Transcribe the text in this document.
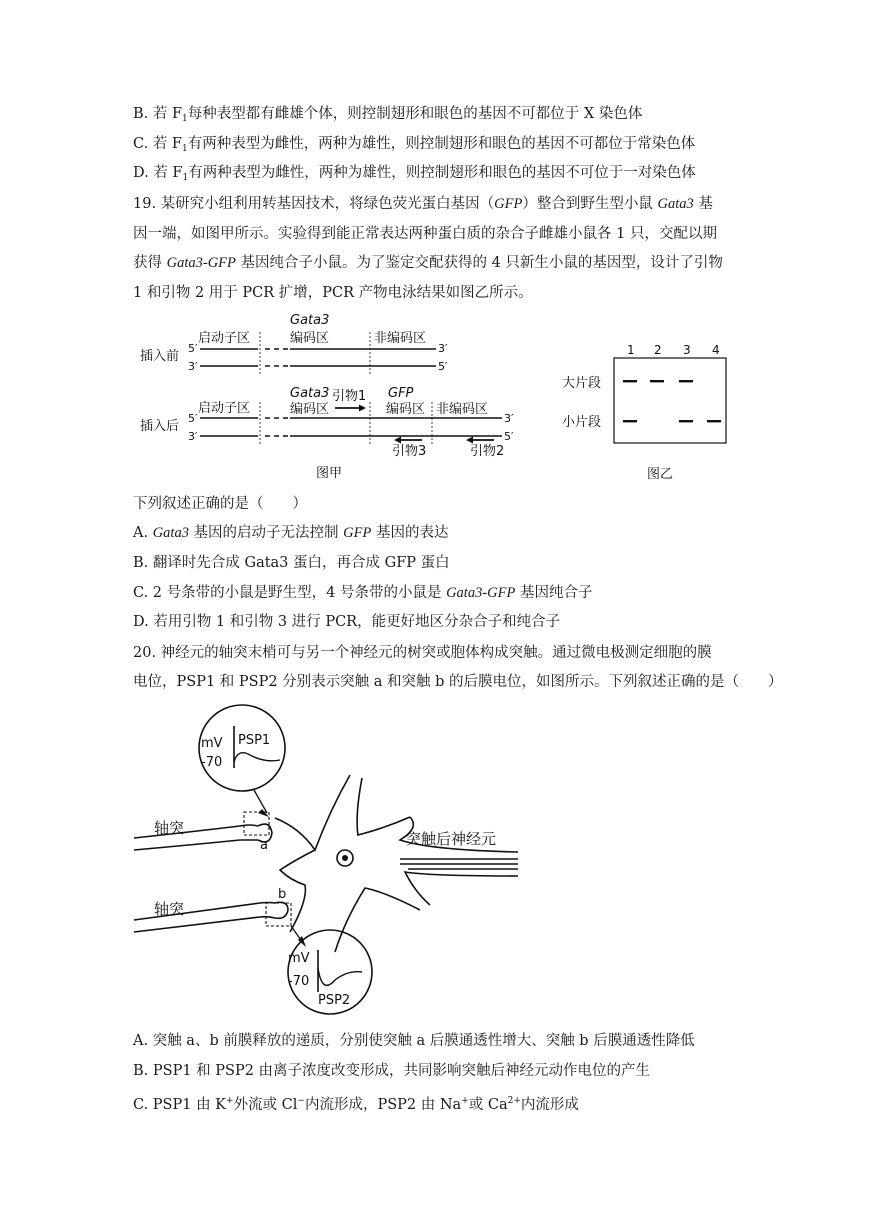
B. 若 $F_1$每种表型都有雌雄个体，则控制翅形和眼色的基因不可都位于 X 染色体
C. 若 $F_1$有两种表型为雌性，两种为雄性，则控制翅形和眼色的基因不可都位于常染色体
D. 若 $F_1$有两种表型为雌性，两种为雄性，则控制翅形和眼色的基因不可位于一对染色体
19. 某研究小组利用转基因技术，将绿色荧光蛋白基因（GFP）整合到野生型小鼠 Gata3 基
因一端，如图甲所示。实验得到能正常表达两种蛋白质的杂合子雌雄小鼠各 1 只，交配以期
获得 Gata3-GFP 基因纯合子小鼠。为了鉴定交配获得的 4 只新生小鼠的基因型，设计了引物
1 和引物 2 用于 PCR 扩增，PCR 产物电泳结果如图乙所示。
插入前
启动子区
Gata3
编码区	非编码区
5′
3′
3′
5′
插入后
启动子区
Gata3
编码区
引物1 GFP
编码区 非编码区
引物3	引物2
5′
3′
3′
5′
图甲
1 2 3 4
大片段
小片段
图乙
下列叙述正确的是（　　）
A. Gata3 基因的启动子无法控制 GFP 基因的表达
B. 翻译时先合成 Gata3 蛋白，再合成 GFP 蛋白
C. 2 号条带的小鼠是野生型，4 号条带的小鼠是 Gata3-GFP 基因纯合子
D. 若用引物 1 和引物 3 进行 PCR，能更好地区分杂合子和纯合子
20. 神经元的轴突末梢可与另一个神经元的树突或胞体构成突触。通过微电极测定细胞的膜
电位，PSP1 和 PSP2 分别表示突触 a 和突触 b 的后膜电位，如图所示。下列叙述正确的是（　　）
mV
-70
PSP1
轴突
a
b
轴突
突触后神经元
mV
-70
PSP2
A. 突触 a、b 前膜释放的递质，分别使突触 a 后膜通透性增大、突触 b 后膜通透性降低
B. PSP1 和 PSP2 由离子浓度改变形成，共同影响突触后神经元动作电位的产生
C. PSP1 由 K+外流或 Cl−内流形成，PSP2 由 Na+或 $Ca^{2+}$内流形成
